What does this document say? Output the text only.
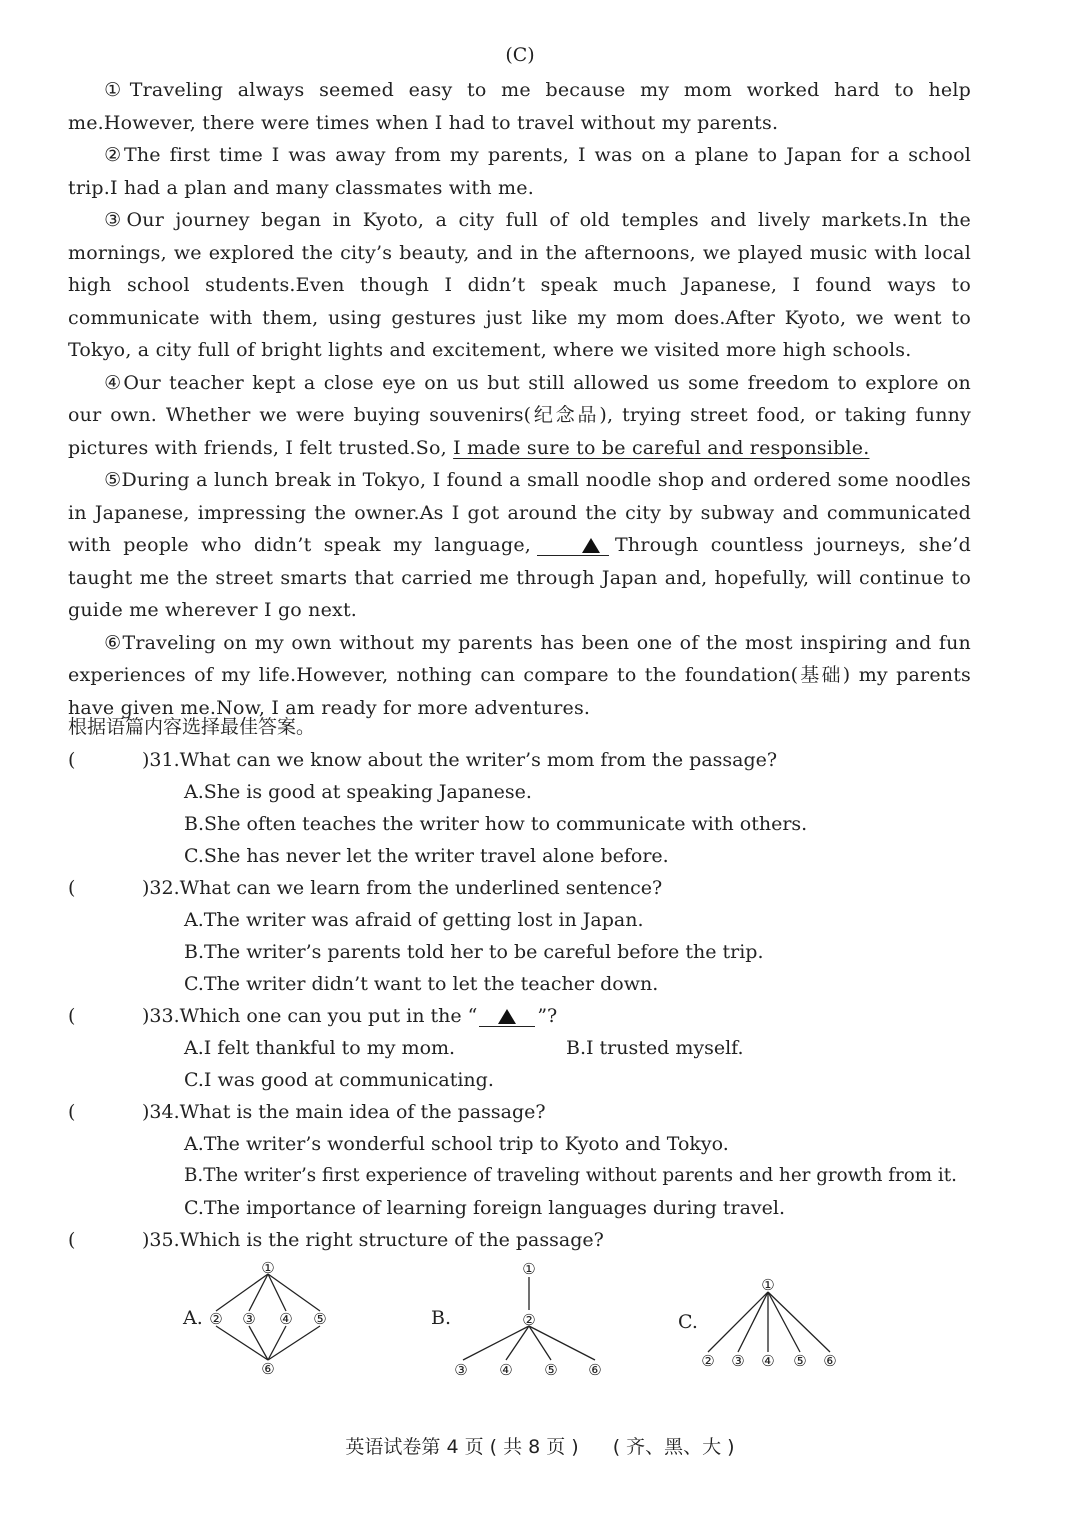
(C)

①Traveling always seemed easy to me because my mom worked hard to help me.However, there were times when I had to travel without my parents.

②The first time I was away from my parents, I was on a plane to Japan for a school trip.I had a plan and many classmates with me.

③Our journey began in Kyoto, a city full of old temples and lively markets.In the mornings, we explored the city’s beauty, and in the afternoons, we played music with local high school students.Even though I didn’t speak much Japanese, I found ways to communicate with them, using gestures just like my mom does.After Kyoto, we went to Tokyo, a city full of bright lights and excitement, where we visited more high schools.

④Our teacher kept a close eye on us but still allowed us some freedom to explore on our own. Whether we were buying souvenirs(纪念品), trying street food, or taking funny pictures with friends, I felt trusted.So, I made sure to be careful and responsible.

⑤During a lunch break in Tokyo, I found a small noodle shop and ordered some noodles in Japanese, impressing the owner.As I got around the city by subway and communicated with people who didn’t speak my language,	Through countless journeys, she’d taught me the street smarts that carried me through Japan and, hopefully, will continue to guide me wherever I go next.

⑥Traveling on my own without my parents has been one of the most inspiring and fun experiences of my life.However, nothing can compare to the foundation(基础) my parents have given me.Now, I am ready for more adventures.

根据语篇内容选择最佳答案。
(	)31.What can we know about the writer’s mom from the passage?
A.She is good at speaking Japanese.
B.She often teaches the writer how to communicate with others.
C.She has never let the writer travel alone before.
(	)32.What can we learn from the underlined sentence?
A.The writer was afraid of getting lost in Japan.
B.The writer’s parents told her to be careful before the trip.
C.The writer didn’t want to let the teacher down.
(	)33.Which one can you put in the “	”?
A.I felt thankful to my mom.	B.I trusted myself.
C.I was good at communicating.
(	)34.What is the main idea of the passage?
A.The writer’s wonderful school trip to Kyoto and Tokyo.
B.The writer’s first experience of traveling without parents and her growth from it.
C.The importance of learning foreign languages during travel.
(	)35.Which is the right structure of the passage?
A.
①
② ③ ④ ⑤
⑥
B.
①
②
③ ④ ⑤ ⑥
C.
①
② ③ ④ ⑤ ⑥
英语试卷第 4 页 ( 共 8 页 ) ( 齐、黑、大 )
